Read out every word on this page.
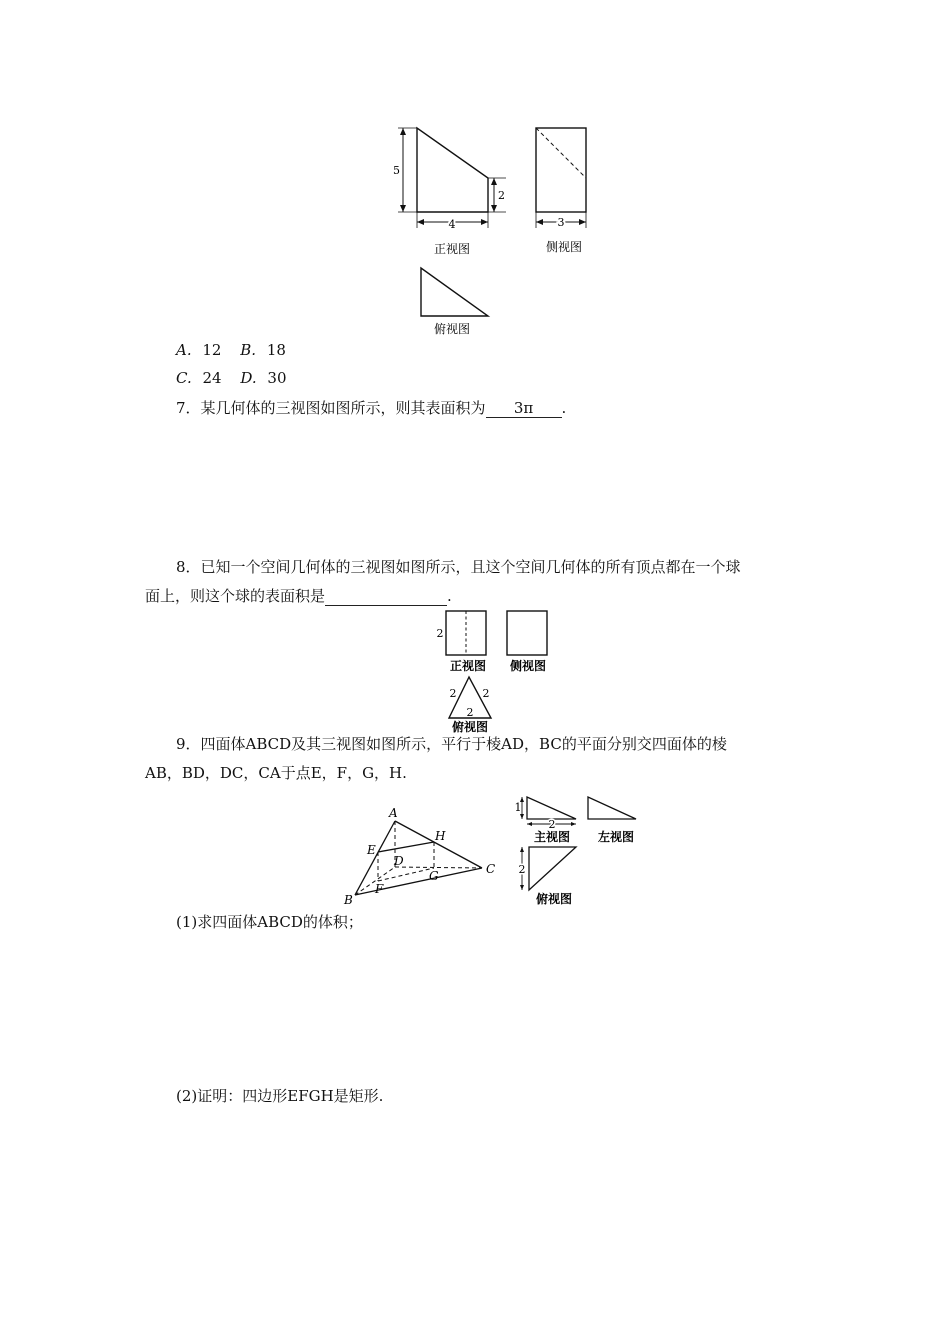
5
2
4
正视图
3
侧视图
俯视图
A. 12 B. 18
C. 24 D. 30
7．某几何体的三视图如图所示，则其表面积为 3π .
8．已知一个空间几何体的三视图如图所示，且这个空间几何体的所有顶点都在一个球
面上，则这个球的表面积是	.
2
正视图 侧视图
2 2
2
俯视图
9．四面体ABCD及其三视图如图所示，平行于棱AD，BC的平面分别交四面体的棱
AB，BD，DC，CA于点E，F，G，H.
A
B
C
D
E
F
G
H
1
2
主视图 左视图
2
俯视图
(1)求四面体ABCD的体积；
(2)证明：四边形EFGH是矩形.
